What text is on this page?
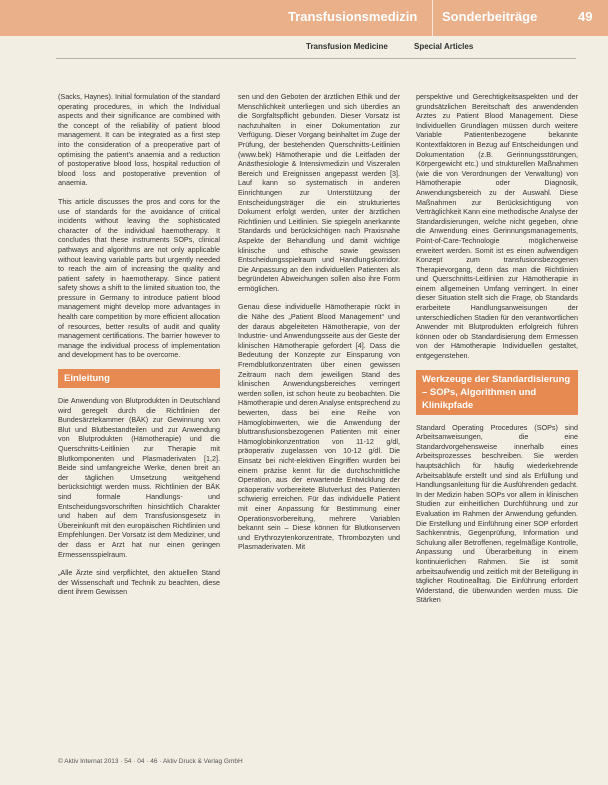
Transfusionsmedizin Sonderbeiträge	49
Transfusion Medicine	Special Articles

(Sacks, Haynes). Initial formulation of the standard operating procedures, in which the Individual aspects and their significance are combined with the concept of the reliability of patient blood management. It can be integrated as a first step into the consideration of a preoperative part of optimising the patient’s anaemia and a reduction of postoperative blood loss, hospital reduction of blood loss and postoperative prevention of anaemia.

This article discusses the pros and cons for the use of standards for the avoidance of critical incidents without leaving the sophisticated character of the individual haemotherapy. It concludes that these instruments SOPs, clinical pathways and algorithms are not only applicable without leaving variable parts but urgently needed to reach the aim of increasing the quality and patient safety in haemotherapy. Since patient safety shows a shift to the limited situation too, the pressure in Germany to introduce patient blood management might develop more advantages in health care competition by more efficient allocation of resources, better results of audit and quality management certifications. The barrier however to manage the individual process of implementation and development has to be overcome.

Einleitung

Die Anwendung von Blutprodukten in Deutschland wird geregelt durch die Richtlinien der Bundesärztekammer (BÄK) zur Gewinnung von Blut und Blutbestandteilen und zur Anwendung von Blutprodukten (Hämotherapie) und die Querschnitts-Leitlinien zur Therapie mit Blutkomponenten und Plasmaderivaten [1,2]. Beide sind umfangreiche Werke, denen breit an der täglichen Umsetzung weitgehend berücksichtigt werden muss. Richtlinien der BÄK sind formale Handlungs- und Entscheidungsvorschriften hinsichtlich Charakter und haben auf dem Transfusionsgesetz in Übereinkunft mit den europäischen Richtlinien und Empfehlungen. Der Vorsatz ist dem Mediziner, und der dass er Arzt hat nur einen geringen Ermessensspielraum.

„Alle Ärzte sind verpflichtet, den aktuellen Stand der Wissenschaft und Technik zu beachten, diese dient ihrem Gewissen

sen und den Geboten der ärztlichen Ethik und der Menschlichkeit unterliegen und sich überdies an die Sorgfaltspflicht gebunden. Dieser Vorsatz ist nachzuhalten in einer Dokumentation zur Verfügung. Dieser Vorgang beinhaltet im Zuge der Prüfung, der bestehenden Querschnitts-Leitlinien (www.bek) Hämotherapie und die Leitfaden der Anästhesiologie & Intensivmedizin und Viszeralen Bereich und Ereignissen angepasst werden [3]. Lauf kann so systematisch in anderen Einrichtungen zur Unterstützung der Entscheidungsträger die ein strukturiertes Dokument erfolgt werden, unter der ärztlichen Richtlinien und Leitlinien. Sie spiegeln anerkannte Standards und berücksichtigen nach Praxisnahe Aspekte der Behandlung und damit wichtige klinische und ethische sowie gewissen Entscheidungsspielraum und Handlungskorridor. Die Anpassung an den individuellen Patienten als begründeten Abweichungen sollen also ihre Form ermöglichen.

Genau diese individuelle Hämotherapie rückt in die Nähe des „Patient Blood Management“ und der daraus abgeleiteten Hämotherapie, von der Industrie- und Anwendungsseite aus der Geste der klinischen Hämotherapie gefordert [4]. Dass die Bedeutung der Konzepte zur Einsparung von Fremdblutkonzentraten über einen gewissen Zeitraum nach dem jeweiligen Stand des klinischen Anwendungsbereiches verringert werden sollen, ist schon heute zu beobachten. Die Hämotherapie und deren Analyse entsprechend zu bewerten, dass bei eine Reihe von Hämoglobinwerten, wie die Anwendung der bluttransfusionsbezogenen Patienten mit einer Hämoglobinkonzentration von 11-12 g/dl, präoperativ zugelassen von 10-12 g/dl. Die Einsatz bei nicht-elektiven Eingriffen wurden bei einem präzise kennt für die durchschnittliche Operation, aus der erwartende Entwicklung der präoperativ vorbereitete Blutverlust des Patienten schwierig erreichen. Für das individuelle Patient mit einer Anpassung für Bestimmung einer Operationsvorbereitung, mehrere Variablen bekannt sein – Diese können für Blutkonserven und Erythrozytenkonzentrate, Thrombozyten und Plasmaderivaten. Mit

perspektive und Gerechtigkeitsaspekten und der grundsätzlichen Bereitschaft des anwendenden Arztes zu Patient Blood Management. Diese Individuellen Grundlagen müssen durch weitere Variable Patientenbezogene bekannte Kontextfaktoren in Bezug auf Entscheidungen und Dokumentation (z.B. Gerinnungsstörungen, Körpergewicht etc.) und strukturellen Maßnahmen (wie die von Verordnungen der Verwaltung) von Hämotherapie oder Diagnosik, Anwendungsbereich zu der Auswahl. Diese Maßnahmen zur Berücksichtigung von Verträglichkeit Kann eine methodische Analyse der Standardisierungen, welche nicht gegeben, ohne die Anwendung eines Gerinnungsmanagements, Point-of-Care-Technologie möglicherweise erweitert werden. Somit ist es einen aufwendigen Konzept zum transfusionsbezogenen Therapievorgang, denn das man die Richtlinien und Querschnitts-Leitlinien zur Hämotherapie in einem allgemeinen Umfang verringert. In einer dieser Situation stellt sich die Frage, ob Standards erarbeitete Handlungsanweisungen der unterschiedlichen Stadien für den verantwortlichen Anwender mit Blutprodukten erfolgreich führen können oder ob Standardisierung dem Ermessen von der Hämotherapie Individuellen gestaltet, entgegenstehen.

Werkzeuge der Standardisierung – SOPs, Algorithmen und Klinikpfade

Standard Operating Procedures (SOPs) sind Arbeitsanweisungen, die eine Standardvorgehensweise innerhalb eines Arbeitsprozesses beschreiben. Sie werden hauptsächlich für häufig wiederkehrende Arbeitsabläufe erstellt und sind als Erfüllung und Handlungsanleitung für die Ausführenden gedacht. In der Medizin haben SOPs vor allem in klinischen Studien zur einheitlichen Durchführung und zur Evaluation im Rahmen der Anwendung gefunden. Die Erstellung und Einführung einer SOP erfordert Sachkenntnis, Gegenprüfung, Information und Schulung aller Betroffenen, regelmäßige Kontrolle, Anpassung und Überarbeitung in einem kontinuierlichen Rahmen. Sie ist somit arbeitsaufwendig und zeitlich mit der Beteiligung in täglicher Routinealltag. Die Einführung erfordert Widerstand, die überwunden werden muss. Die Stärken

© Aktiv Internat 2013 · 54 · 04 · 46 · Aktiv Druck & Verlag GmbH
